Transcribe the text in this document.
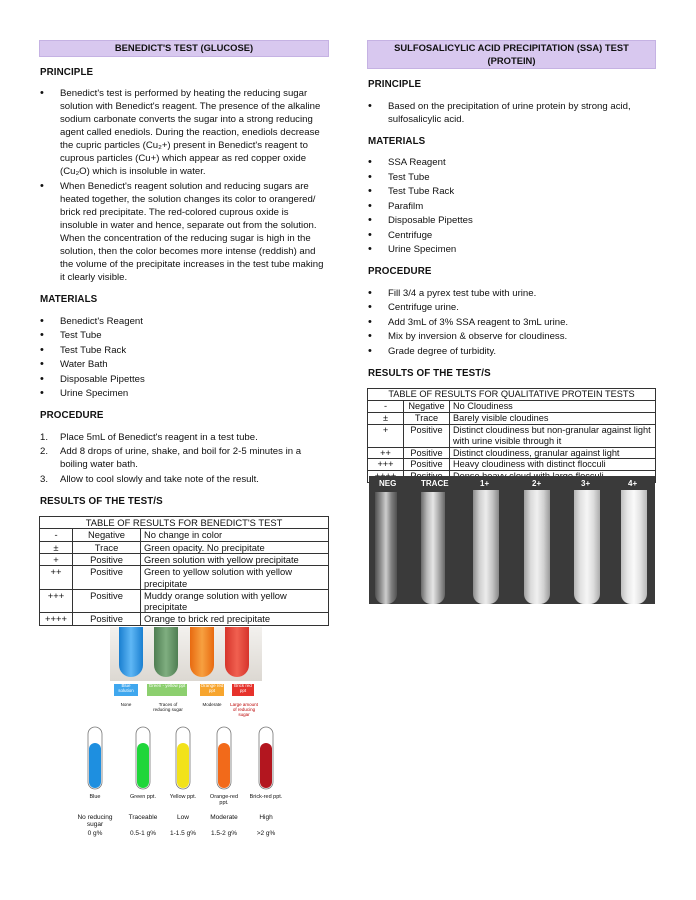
BENEDICT'S TEST (GLUCOSE)
PRINCIPLE
• Benedict's test is performed by heating the reducing sugar solution with Benedict's reagent. The presence of the alkaline sodium carbonate converts the sugar into a strong reducing agent called enediols. During the reaction, enediols decrease the cupric particles (Cu₂+) present in Benedict's reagent to cuprous particles (Cu+) which appear as red copper oxide (Cu₂O) which is insoluble in water.
• When Benedict's reagent solution and reducing sugars are heated together, the solution changes its color to orangered/ brick red precipitate. The red-colored cuprous oxide is insoluble in water and hence, separate out from the solution. When the concentration of the reducing sugar is high in the solution, then the color becomes more intense (reddish) and the volume of the precipitate increases in the test tube making it clearly visible.
MATERIALS
• Benedict's Reagent
• Test Tube
• Test Tube Rack
• Water Bath
• Disposable Pipettes
• Urine Specimen
PROCEDURE
1. Place 5mL of Benedict's reagent in a test tube.
2. Add 8 drops of urine, shake, and boil for 2-5 minutes in a boiling water bath.
3. Allow to cool slowly and take note of the result.
RESULTS OF THE TEST/S
TABLE OF RESULTS FOR BENEDICT'S TEST		
-	Negative	No change in color
±	Trace	Green opacity. No precipitate
+	Positive	Green solution with yellow precipitate
++	Positive	Green to yellow solution with yellow precipitate
+++	Positive	Muddy orange solution with yellow precipitate
++++	Positive	Orange to brick red precipitate
Blue solution
Green - yellow ppt	Orange red ppt
Brick red ppt
None	Traces of reducing sugar
Moderate	Large amount of reducing sugar
Blue	Green ppt.	Yellow ppt.	Orange-red ppt.
Brick-red ppt.
No reducing sugar
Traceable	Low	Moderate	High
0 g%	0.5-1 g%	1-1.5 g%	1.5-2 g%	>2 g%
SULFOSALICYLIC ACID PRECIPITATION (SSA) TEST (PROTEIN)
PRINCIPLE
• Based on the precipitation of urine protein by strong acid, sulfosalicylic acid.
MATERIALS
• SSA Reagent
• Test Tube
• Test Tube Rack
• Parafilm
• Disposable Pipettes
• Centrifuge
• Urine Specimen
PROCEDURE
• Fill 3/4 a pyrex test tube with urine.
• Centrifuge urine.
• Add 3mL of 3% SSA reagent to 3mL urine.
• Mix by inversion & observe for cloudiness.
• Grade degree of turbidity.
RESULTS OF THE TEST/S
TABLE OF RESULTS FOR QUALITATIVE PROTEIN TESTS		
-	Negative	No Cloudiness
±	Trace	Barely visible cloudines
+	Positive	Distinct cloudiness but non-granular against light with urine visible through it
++	Positive	Distinct cloudiness, granular against light
+++	Positive	Heavy cloudiness with distinct flocculi

NEG	TRACE	1+	2+	3+	4+
